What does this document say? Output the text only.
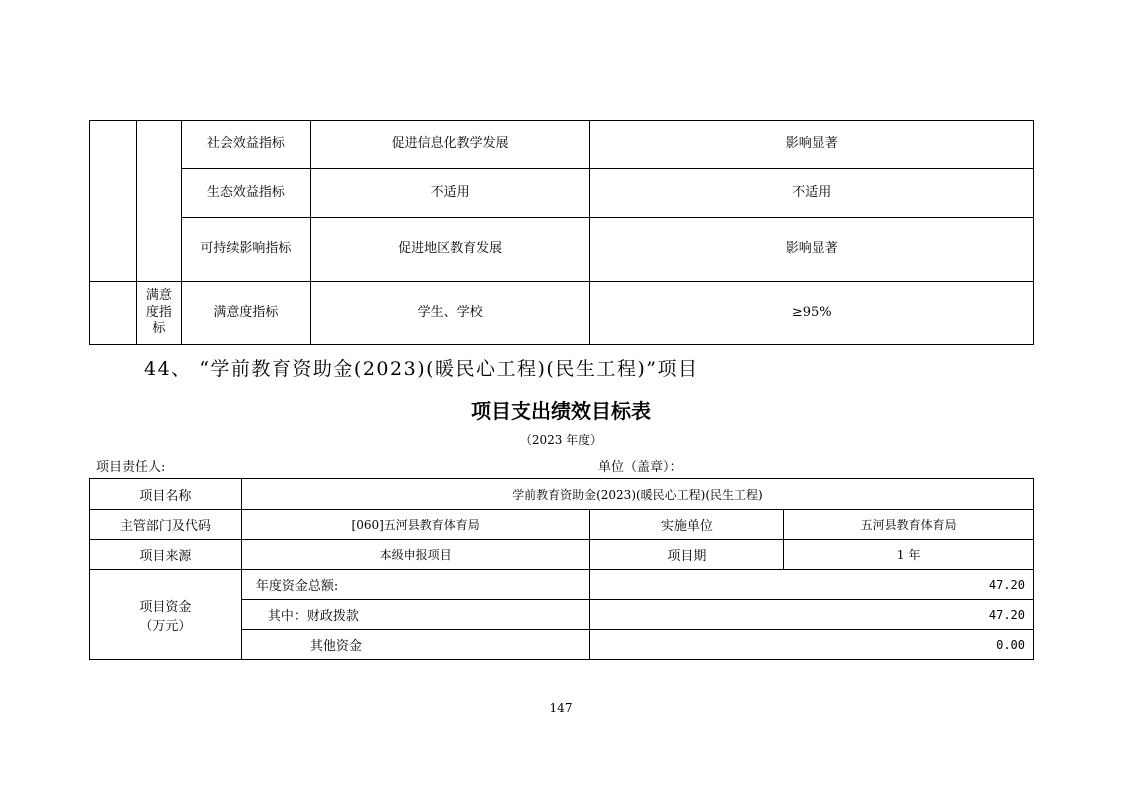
		社会效益指标	促进信息化教学发展	影响显著
		生态效益指标	不适用	不适用
		可持续影响指标	促进地区教育发展	影响显著

	满意
度指
标	满意度指标	学生、学校	≥95%
44、 “学前教育资助金(2023)(暖民心工程)(民生工程)”项目
项目支出绩效目标表
（2023 年度）
项目责任人:	单位（盖章）：
项目名称	学前教育资助金(2023)(暖民心工程)(民生工程)		
主管部门及代码	[060]五河县教育体育局	实施单位	五河县教育体育局
项目来源	本级申报项目	项目期	1 年

项目资金
（万元）	年度资金总额:	47.20	
	其中：财政拨款	47.20	
	其他资金	0.00	
147
